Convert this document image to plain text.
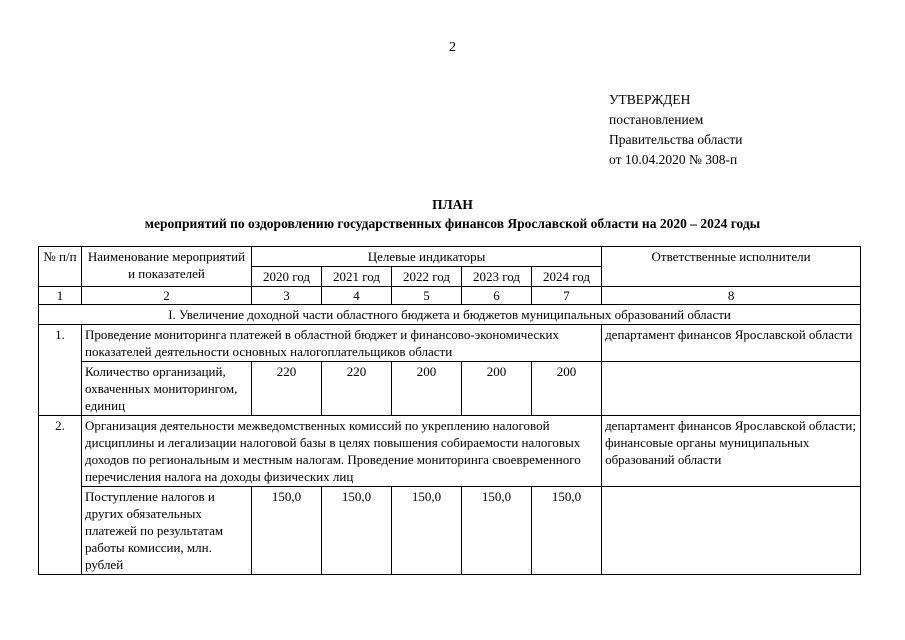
2
УТВЕРЖДЕН
постановлением
Правительства области
от 10.04.2020 № 308-п
ПЛАН
мероприятий по оздоровлению государственных финансов Ярославской области на 2020 – 2024 годы
№ п/п	Наименование мероприятий и показателей	Целевые индикаторы					Ответственные исполнители
		2020 год	2021 год	2022 год	2023 год	2024 год	
1	2	3	4	5	6	7	8
I. Увеличение доходной части областного бюджета и бюджетов муниципальных образований области							
1.	Проведение мониторинга платежей в областной бюджет и финансово-экономических показателей деятельности основных налогоплательщиков области						департамент финансов Ярославской области
	Количество организаций, охваченных мониторингом, единиц	220	220	200	200	200	
2.	Организация деятельности межведомственных комиссий по укреплению налоговой дисциплины и легализации налоговой базы в целях повышения собираемости налоговых доходов по региональным и местным налогам. Проведение мониторинга своевременного перечисления налога на доходы физических лиц						департамент финансов Ярославской области;
финансовые органы муниципальных образований области

	Поступление налогов и других обязательных платежей по результатам работы комиссии, млн. рублей	150,0	150,0	150,0	150,0	150,0	
